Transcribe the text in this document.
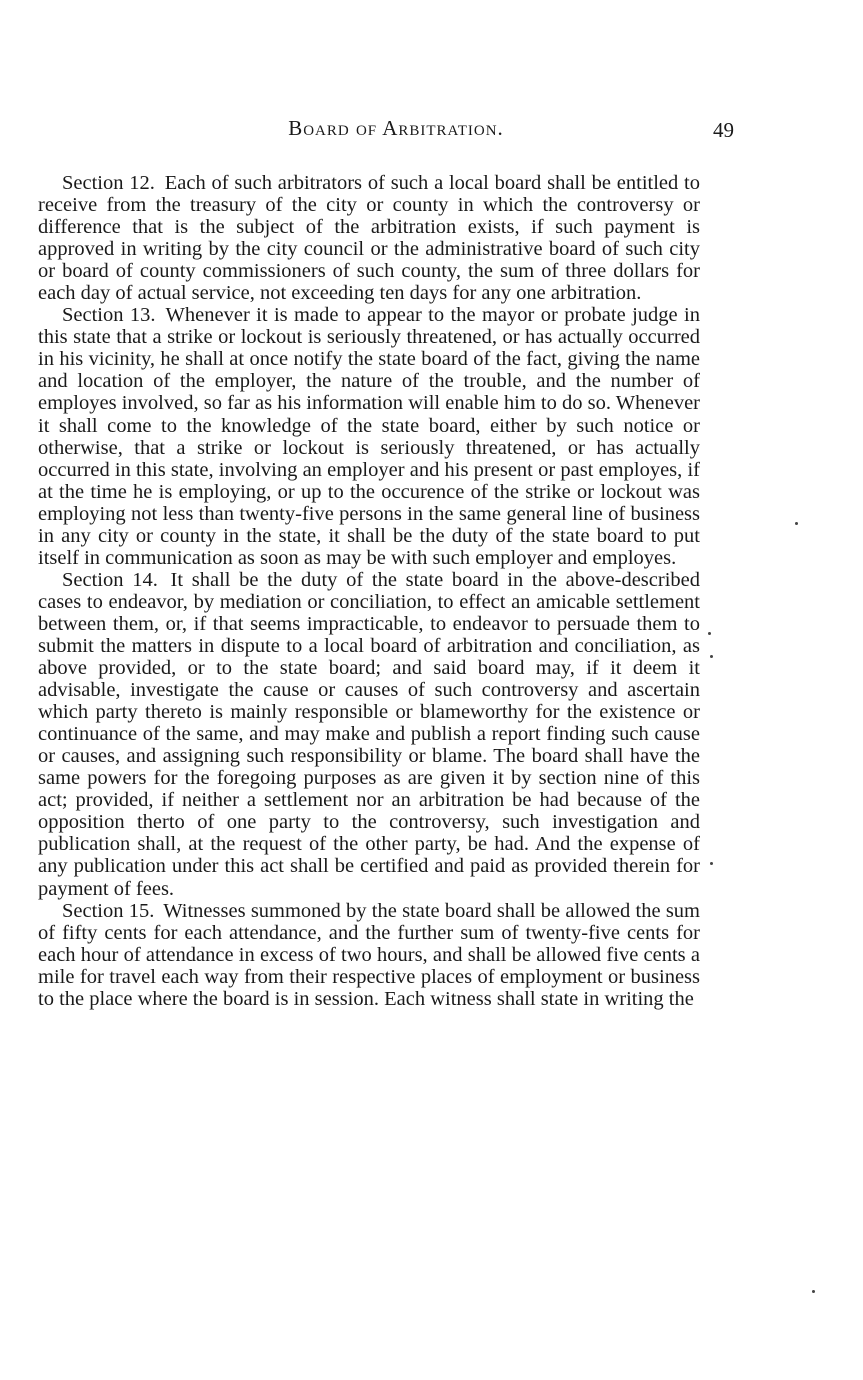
Board of Arbitration.	49

Section 12. Each of such arbitrators of such a local board shall be entitled to receive from the treasury of the city or county in which the controversy or difference that is the subject of the arbitration exists, if such payment is approved in writing by the city council or the administrative board of such city or board of county commissioners of such county, the sum of three dollars for each day of actual service, not exceeding ten days for any one arbitration.

Section 13. Whenever it is made to appear to the mayor or probate judge in this state that a strike or lockout is seriously threatened, or has actually occurred in his vicinity, he shall at once notify the state board of the fact, giving the name and location of the employer, the nature of the trouble, and the number of employes involved, so far as his information will enable him to do so. Whenever it shall come to the knowledge of the state board, either by such notice or otherwise, that a strike or lockout is seriously threatened, or has actually occurred in this state, involving an employer and his present or past employes, if at the time he is employing, or up to the occurence of the strike or lockout was employing not less than twenty-five persons in the same general line of business in any city or county in the state, it shall be the duty of the state board to put itself in communication as soon as may be with such employer and employes.

Section 14. It shall be the duty of the state board in the above-described cases to endeavor, by mediation or conciliation, to effect an amicable settlement between them, or, if that seems impracticable, to endeavor to persuade them to submit the matters in dispute to a local board of arbitration and conciliation, as above provided, or to the state board; and said board may, if it deem it advisable, investigate the cause or causes of such controversy and ascertain which party thereto is mainly responsible or blameworthy for the existence or continuance of the same, and may make and publish a report finding such cause or causes, and assigning such responsibility or blame. The board shall have the same powers for the foregoing purposes as are given it by section nine of this act; provided, if neither a settlement nor an arbitration be had because of the opposition therto of one party to the controversy, such investigation and publication shall, at the request of the other party, be had. And the expense of any publication under this act shall be certified and paid as provided therein for payment of fees.

Section 15. Witnesses summoned by the state board shall be allowed the sum of fifty cents for each attendance, and the further sum of twenty-five cents for each hour of attendance in excess of two hours, and shall be allowed five cents a mile for travel each way from their respective places of employment or business to the place where the board is in session. Each witness shall state in writing the
